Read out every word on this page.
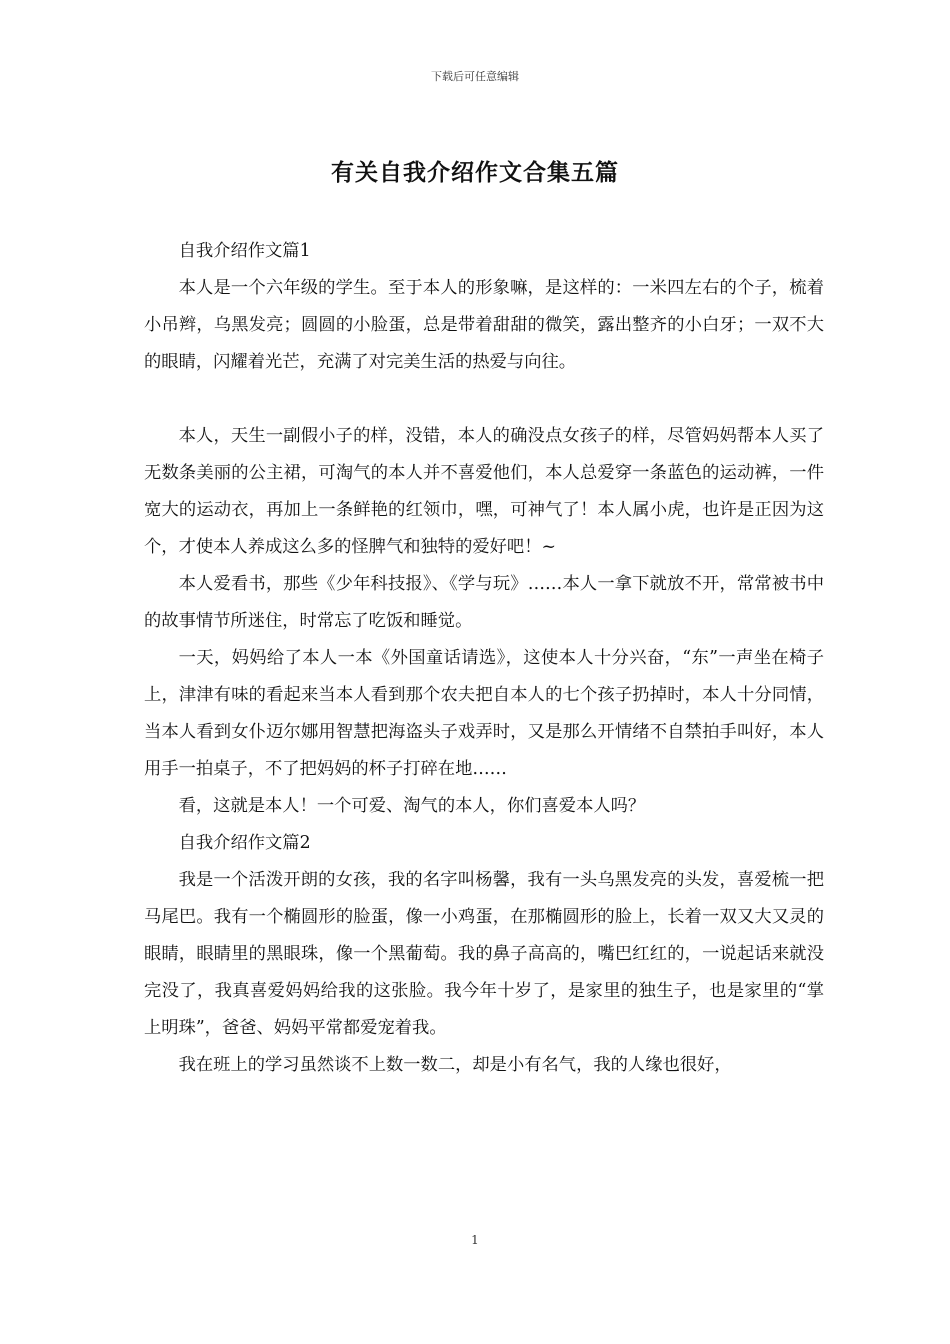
下载后可任意编辑
有关自我介绍作文合集五篇

自我介绍作文篇1

本人是一个六年级的学生。至于本人的形象嘛，是这样的：一米四左右的个子，梳着小吊辫，乌黑发亮；圆圆的小脸蛋，总是带着甜甜的微笑，露出整齐的小白牙；一双不大的眼睛，闪耀着光芒，充满了对完美生活的热爱与向往。

本人，天生一副假小子的样，没错，本人的确没点女孩子的样，尽管妈妈帮本人买了无数条美丽的公主裙，可淘气的本人并不喜爱他们，本人总爱穿一条蓝色的运动裤，一件宽大的运动衣，再加上一条鲜艳的红领巾，嘿，可神气了！本人属小虎，也许是正因为这个，才使本人养成这么多的怪脾气和独特的爱好吧！~

本人爱看书，那些《少年科技报》、《学与玩》……本人一拿下就放不开，常常被书中的故事情节所迷住，时常忘了吃饭和睡觉。

一天，妈妈给了本人一本《外国童话请选》，这使本人十分兴奋，“东”一声坐在椅子上，津津有味的看起来当本人看到那个农夫把自本人的七个孩子扔掉时，本人十分同情，当本人看到女仆迈尔娜用智慧把海盗头子戏弄时，又是那么开情绪不自禁拍手叫好，本人用手一拍桌子，不了把妈妈的杯子打碎在地……

看，这就是本人！一个可爱、淘气的本人，你们喜爱本人吗？

自我介绍作文篇2

我是一个活泼开朗的女孩，我的名字叫杨馨，我有一头乌黑发亮的头发，喜爱梳一把马尾巴。我有一个椭圆形的脸蛋，像一小鸡蛋，在那椭圆形的脸上，长着一双又大又灵的眼睛，眼睛里的黑眼珠，像一个黑葡萄。我的鼻子高高的，嘴巴红红的，一说起话来就没完没了，我真喜爱妈妈给我的这张脸。我今年十岁了，是家里的独生子，也是家里的“掌上明珠”，爸爸、妈妈平常都爱宠着我。

我在班上的学习虽然谈不上数一数二，却是小有名气，我的人缘也很好，

1
